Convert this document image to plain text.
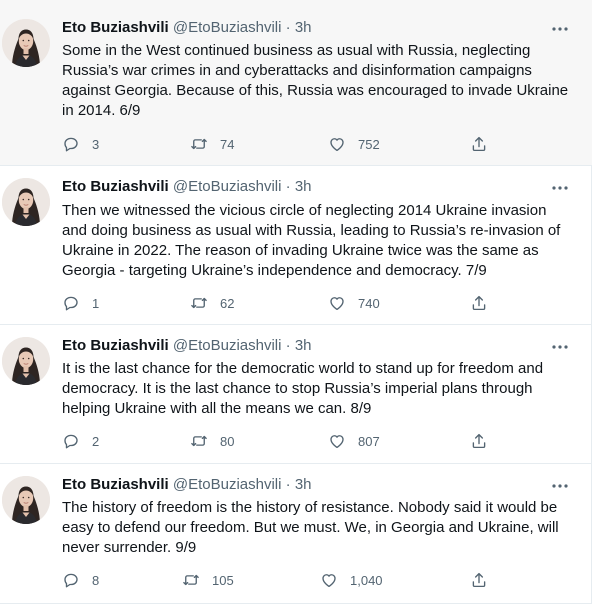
Eto Buziashvili @EtoBuziashvili · 3h
Some in the West continued business as usual with Russia, neglecting
Russia’s war crimes in and cyberattacks and disinformation campaigns
against Georgia. Because of this, Russia was encouraged to invade Ukraine
in 2014. 6/9
3	74	752
Eto Buziashvili @EtoBuziashvili · 3h
Then we witnessed the vicious circle of neglecting 2014 Ukraine invasion
and doing business as usual with Russia, leading to Russia’s re-invasion of
Ukraine in 2022. The reason of invading Ukraine twice was the same as
Georgia - targeting Ukraine’s independence and democracy. 7/9
1	62	740
Eto Buziashvili @EtoBuziashvili · 3h
It is the last chance for the democratic world to stand up for freedom and
democracy. It is the last chance to stop Russia’s imperial plans through
helping Ukraine with all the means we can. 8/9
2	80	807
Eto Buziashvili @EtoBuziashvili · 3h
The history of freedom is the history of resistance. Nobody said it would be
easy to defend our freedom. But we must. We, in Georgia and Ukraine, will
never surrender. 9/9
8	105	1,040
